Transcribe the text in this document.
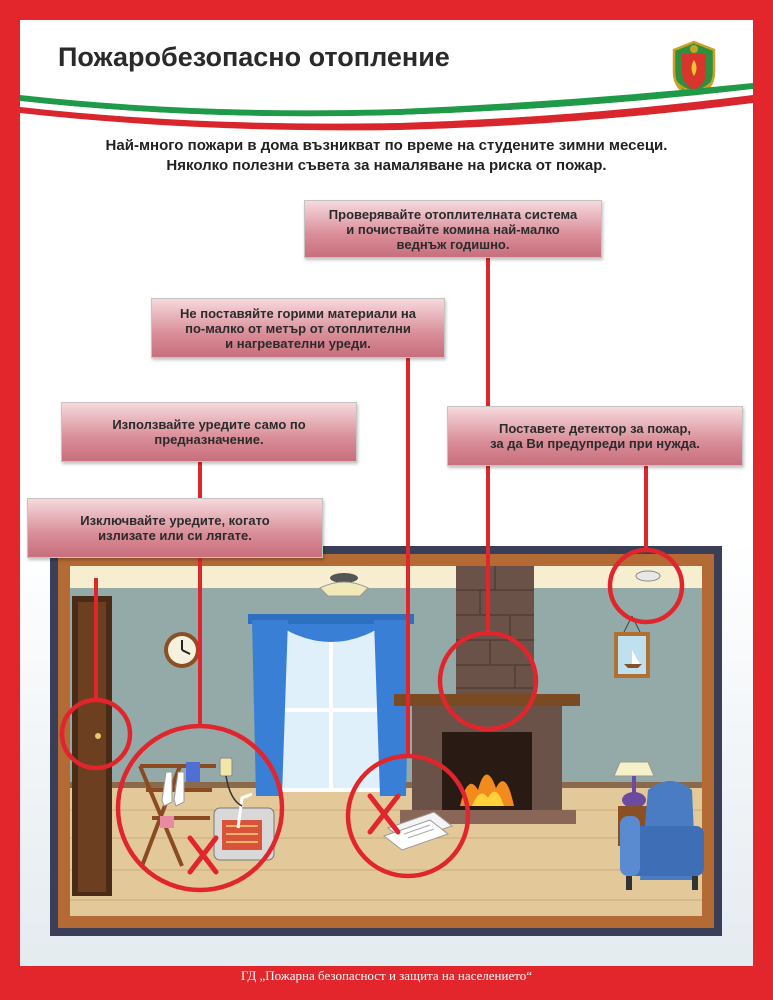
Пожаробезопасно отопление
Най-много пожари в дома възникват по време на студените зимни месеци.
Няколко полезни съвета за намаляване на риска от пожар.
Проверявайте отоплителната система
и почиствайте комина най-малко
веднъж годишно.
Не поставяйте горими материали на
по-малко от метър от отоплителни
и нагревателни уреди.
Използвайте уредите само по
предназначение.
Поставете детектор за пожар,
за да Ви предупреди при нужда.
Изключвайте уредите, когато
излизате или си лягате.
ГД „Пожарна безопасност и защита на населението“
